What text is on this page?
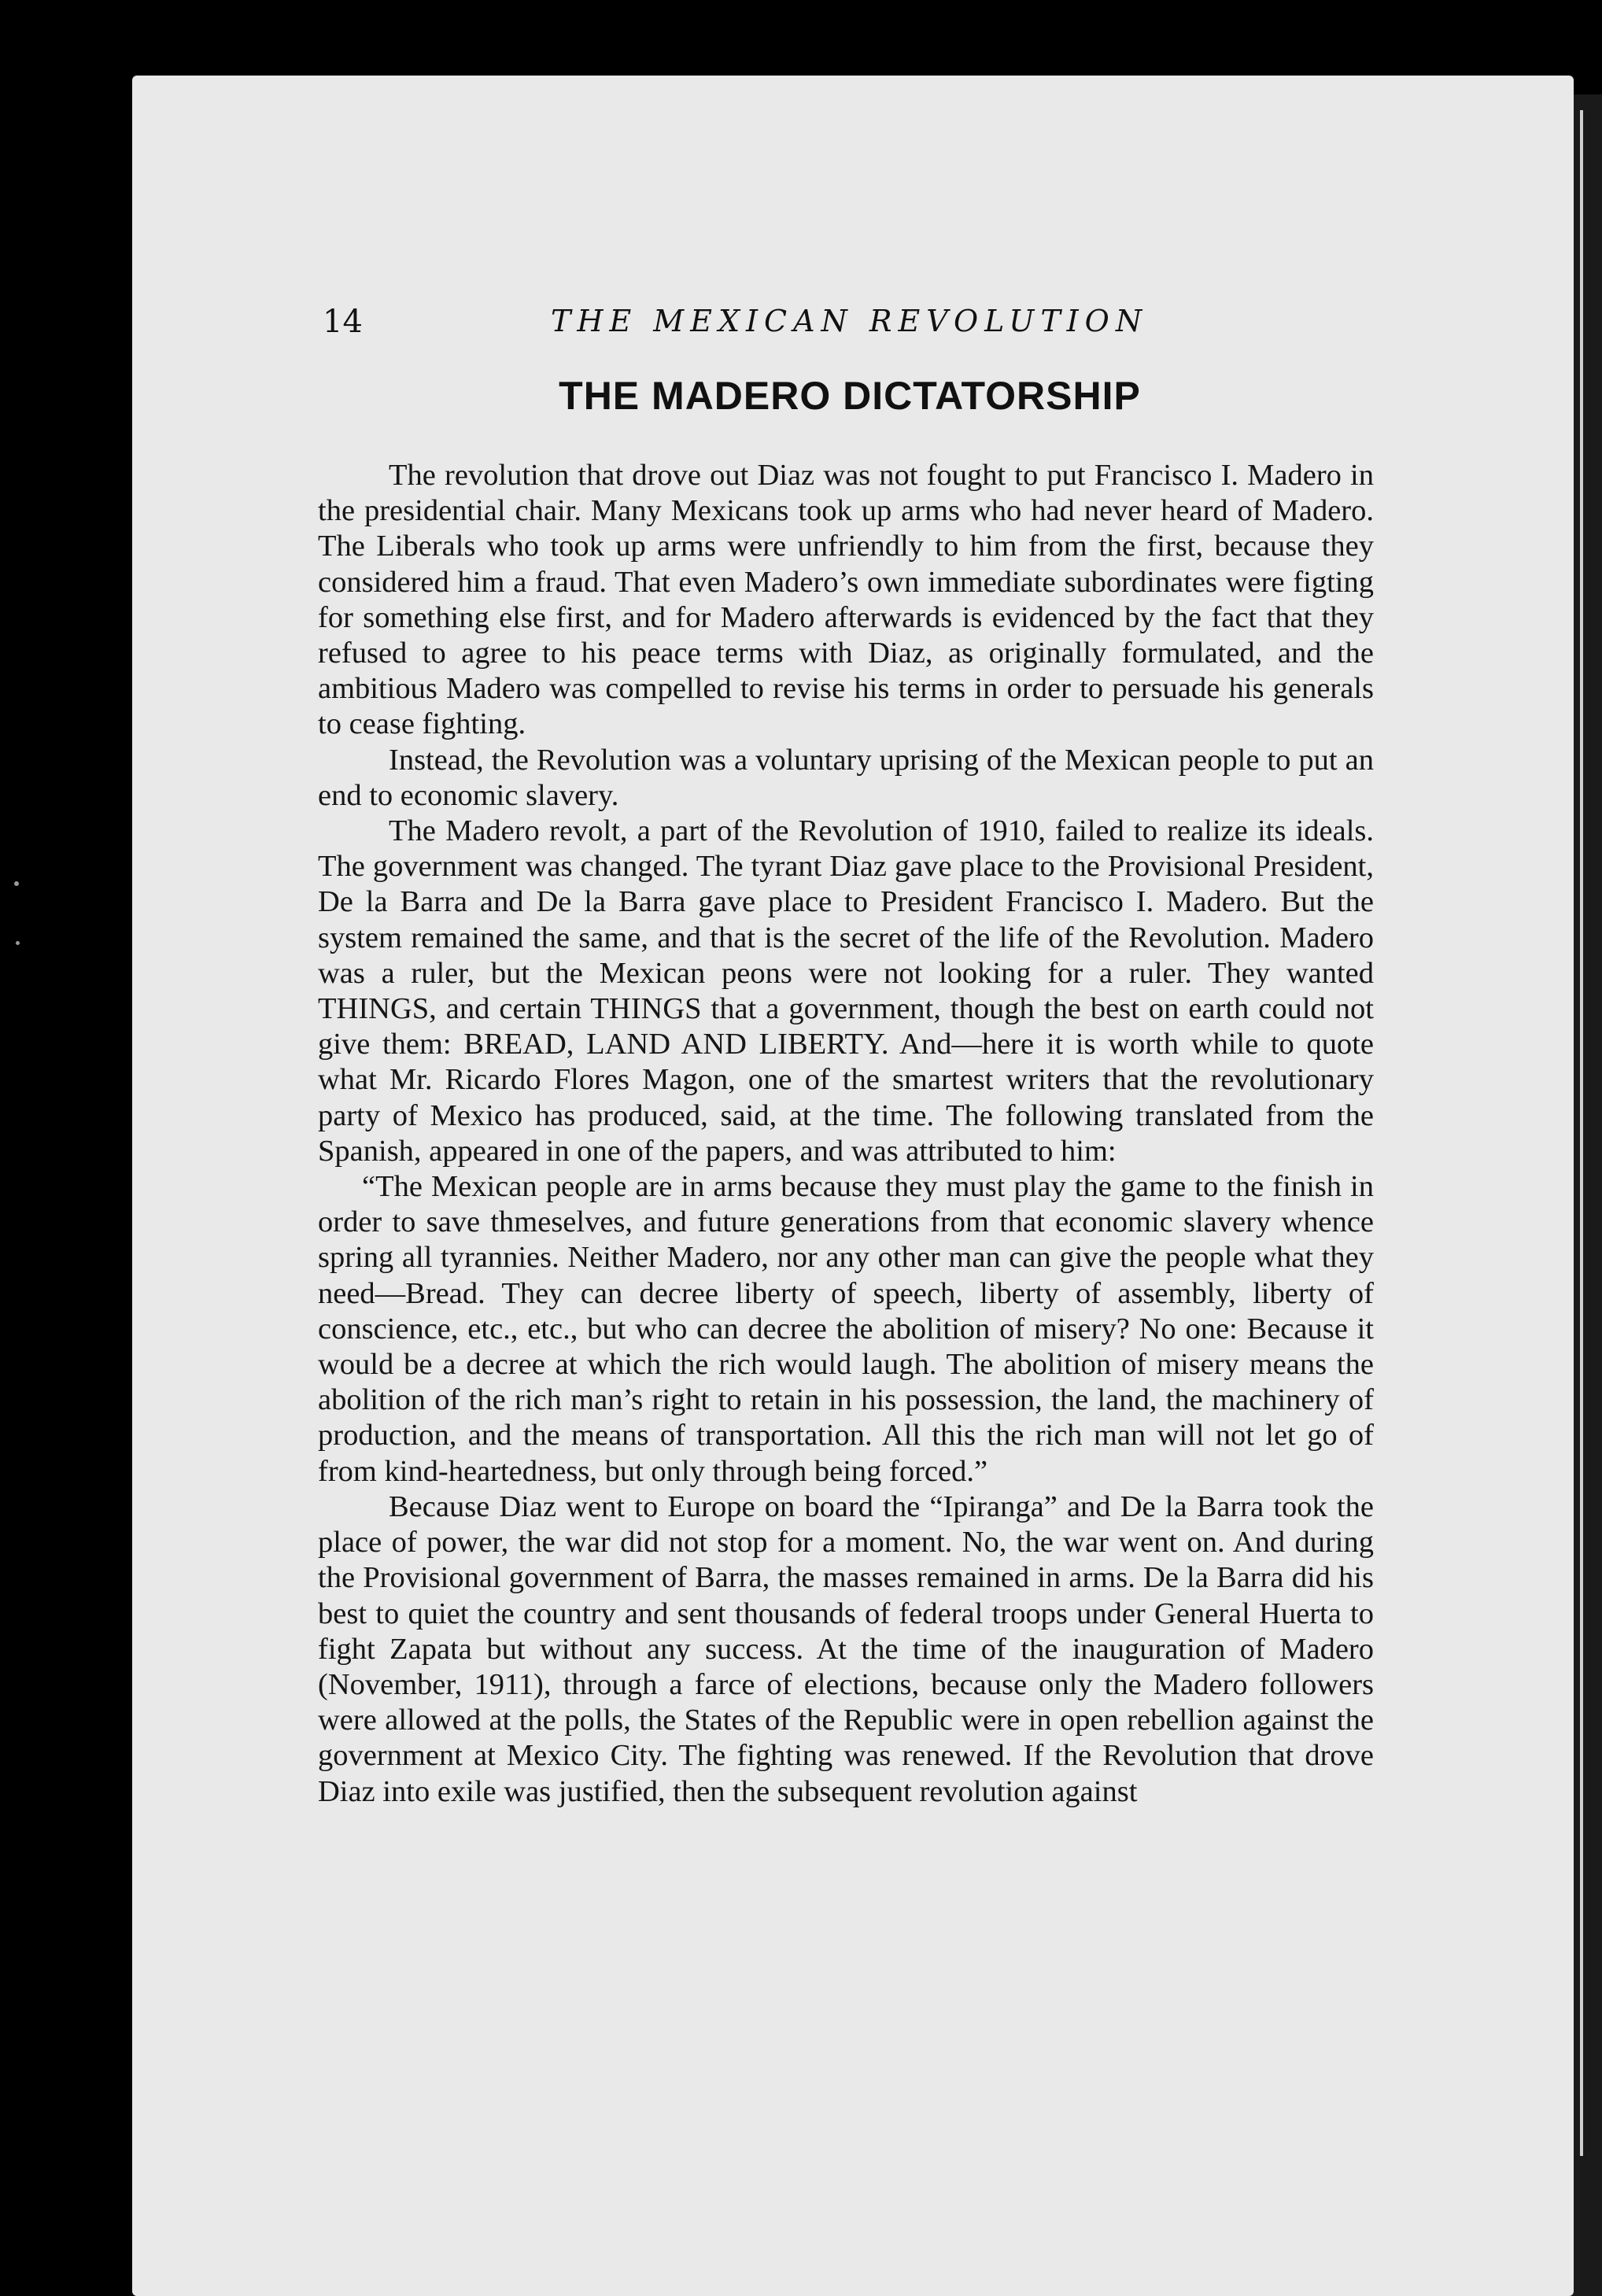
14	THE MEXICAN REVOLUTION
THE MADERO DICTATORSHIP

The revolution that drove out Diaz was not fought to put Francisco I. Madero in the presidential chair. Many Mexicans took up arms who had never heard of Madero. The Liberals who took up arms were unfriendly to him from the first, because they considered him a fraud. That even Madero’s own immediate subordinates were figting for something else first, and for Madero afterwards is evidenced by the fact that they refused to agree to his peace terms with Diaz, as originally formulated, and the ambitious Madero was compelled to revise his terms in order to persuade his generals to cease fighting.

Instead, the Revolution was a voluntary uprising of the Mexican people to put an end to economic slavery.

The Madero revolt, a part of the Revolution of 1910, failed to realize its ideals. The government was changed. The tyrant Diaz gave place to the Provisional President, De la Barra and De la Barra gave place to President Francisco I. Madero. But the system remained the same, and that is the secret of the life of the Revolution. Madero was a ruler, but the Mexican peons were not looking for a ruler. They wanted THINGS, and certain THINGS that a government, though the best on earth could not give them: BREAD, LAND AND LIBERTY. And—here it is worth while to quote what Mr. Ricardo Flores Magon, one of the smartest writers that the revolutionary party of Mexico has produced, said, at the time. The following translated from the Spanish, appeared in one of the papers, and was attributed to him:

“The Mexican people are in arms because they must play the game to the finish in order to save thmeselves, and future generations from that economic slavery whence spring all tyrannies. Neither Madero, nor any other man can give the people what they need—Bread. They can decree liberty of speech, liberty of assembly, liberty of conscience, etc., etc., but who can decree the abolition of misery? No one: Because it would be a decree at which the rich would laugh. The abolition of misery means the abolition of the rich man’s right to retain in his possession, the land, the machinery of production, and the means of transportation. All this the rich man will not let go of from kind-heartedness, but only through being forced.”

Because Diaz went to Europe on board the “Ipiranga” and De la Barra took the place of power, the war did not stop for a moment. No, the war went on. And during the Provisional government of Barra, the masses remained in arms. De la Barra did his best to quiet the country and sent thousands of federal troops under General Huerta to fight Zapata but without any success. At the time of the inauguration of Madero (November, 1911), through a farce of elections, because only the Madero followers were allowed at the polls, the States of the Republic were in open rebellion against the government at Mexico City. The fighting was renewed. If the Revolution that drove Diaz into exile was justified, then the subsequent revolution against
